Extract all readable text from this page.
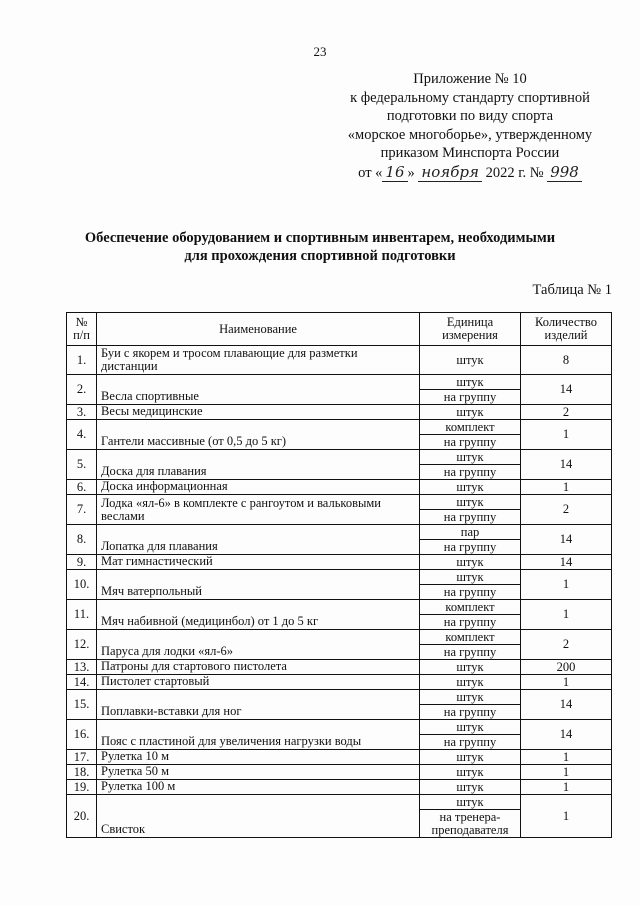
23
Приложение № 10
к федеральному стандарту спортивной
подготовки по виду спорта
«морское многоборье», утвержденному
приказом Минспорта России
от « 16 » ноября 2022 г. № 998
Обеспечение оборудованием и спортивным инвентарем, необходимыми
для прохождения спортивной подготовки
Таблица № 1
№ п/п	Наименование	Единица измерения	Количество изделий
1.	Буи с якорем и тросом плавающие для разметки дистанции	штук	8
2.	Весла спортивные	штук	14
		на группу	
3.	Весы медицинские	штук	2
4.	Гантели массивные (от 0,5 до 5 кг)	комплект	1
		на группу	
5.	Доска для плавания	штук	14
		на группу	
6.	Доска информационная	штук	1
7.	Лодка «ял-6» в комплекте с рангоутом и вальковыми веслами	штук	2
		на группу	
8.	Лопатка для плавания	пар	14
		на группу	
9.	Мат гимнастический	штук	14
10.	Мяч ватерпольный	штук	1
		на группу	
11.	Мяч набивной (медицинбол) от 1 до 5 кг	комплект	1
		на группу	
12.	Паруса для лодки «ял-6»	комплект	2
		на группу	
13.	Патроны для стартового пистолета	штук	200
14.	Пистолет стартовый	штук	1
15.	Поплавки-вставки для ног	штук	14
		на группу	
16.	Пояс с пластиной для увеличения нагрузки воды	штук	14
		на группу	
17.	Рулетка 10 м	штук	1
18.	Рулетка 50 м	штук	1
19.	Рулетка 100 м	штук	1
20.	Свисток	штук	1
		на тренера-преподавателя	
